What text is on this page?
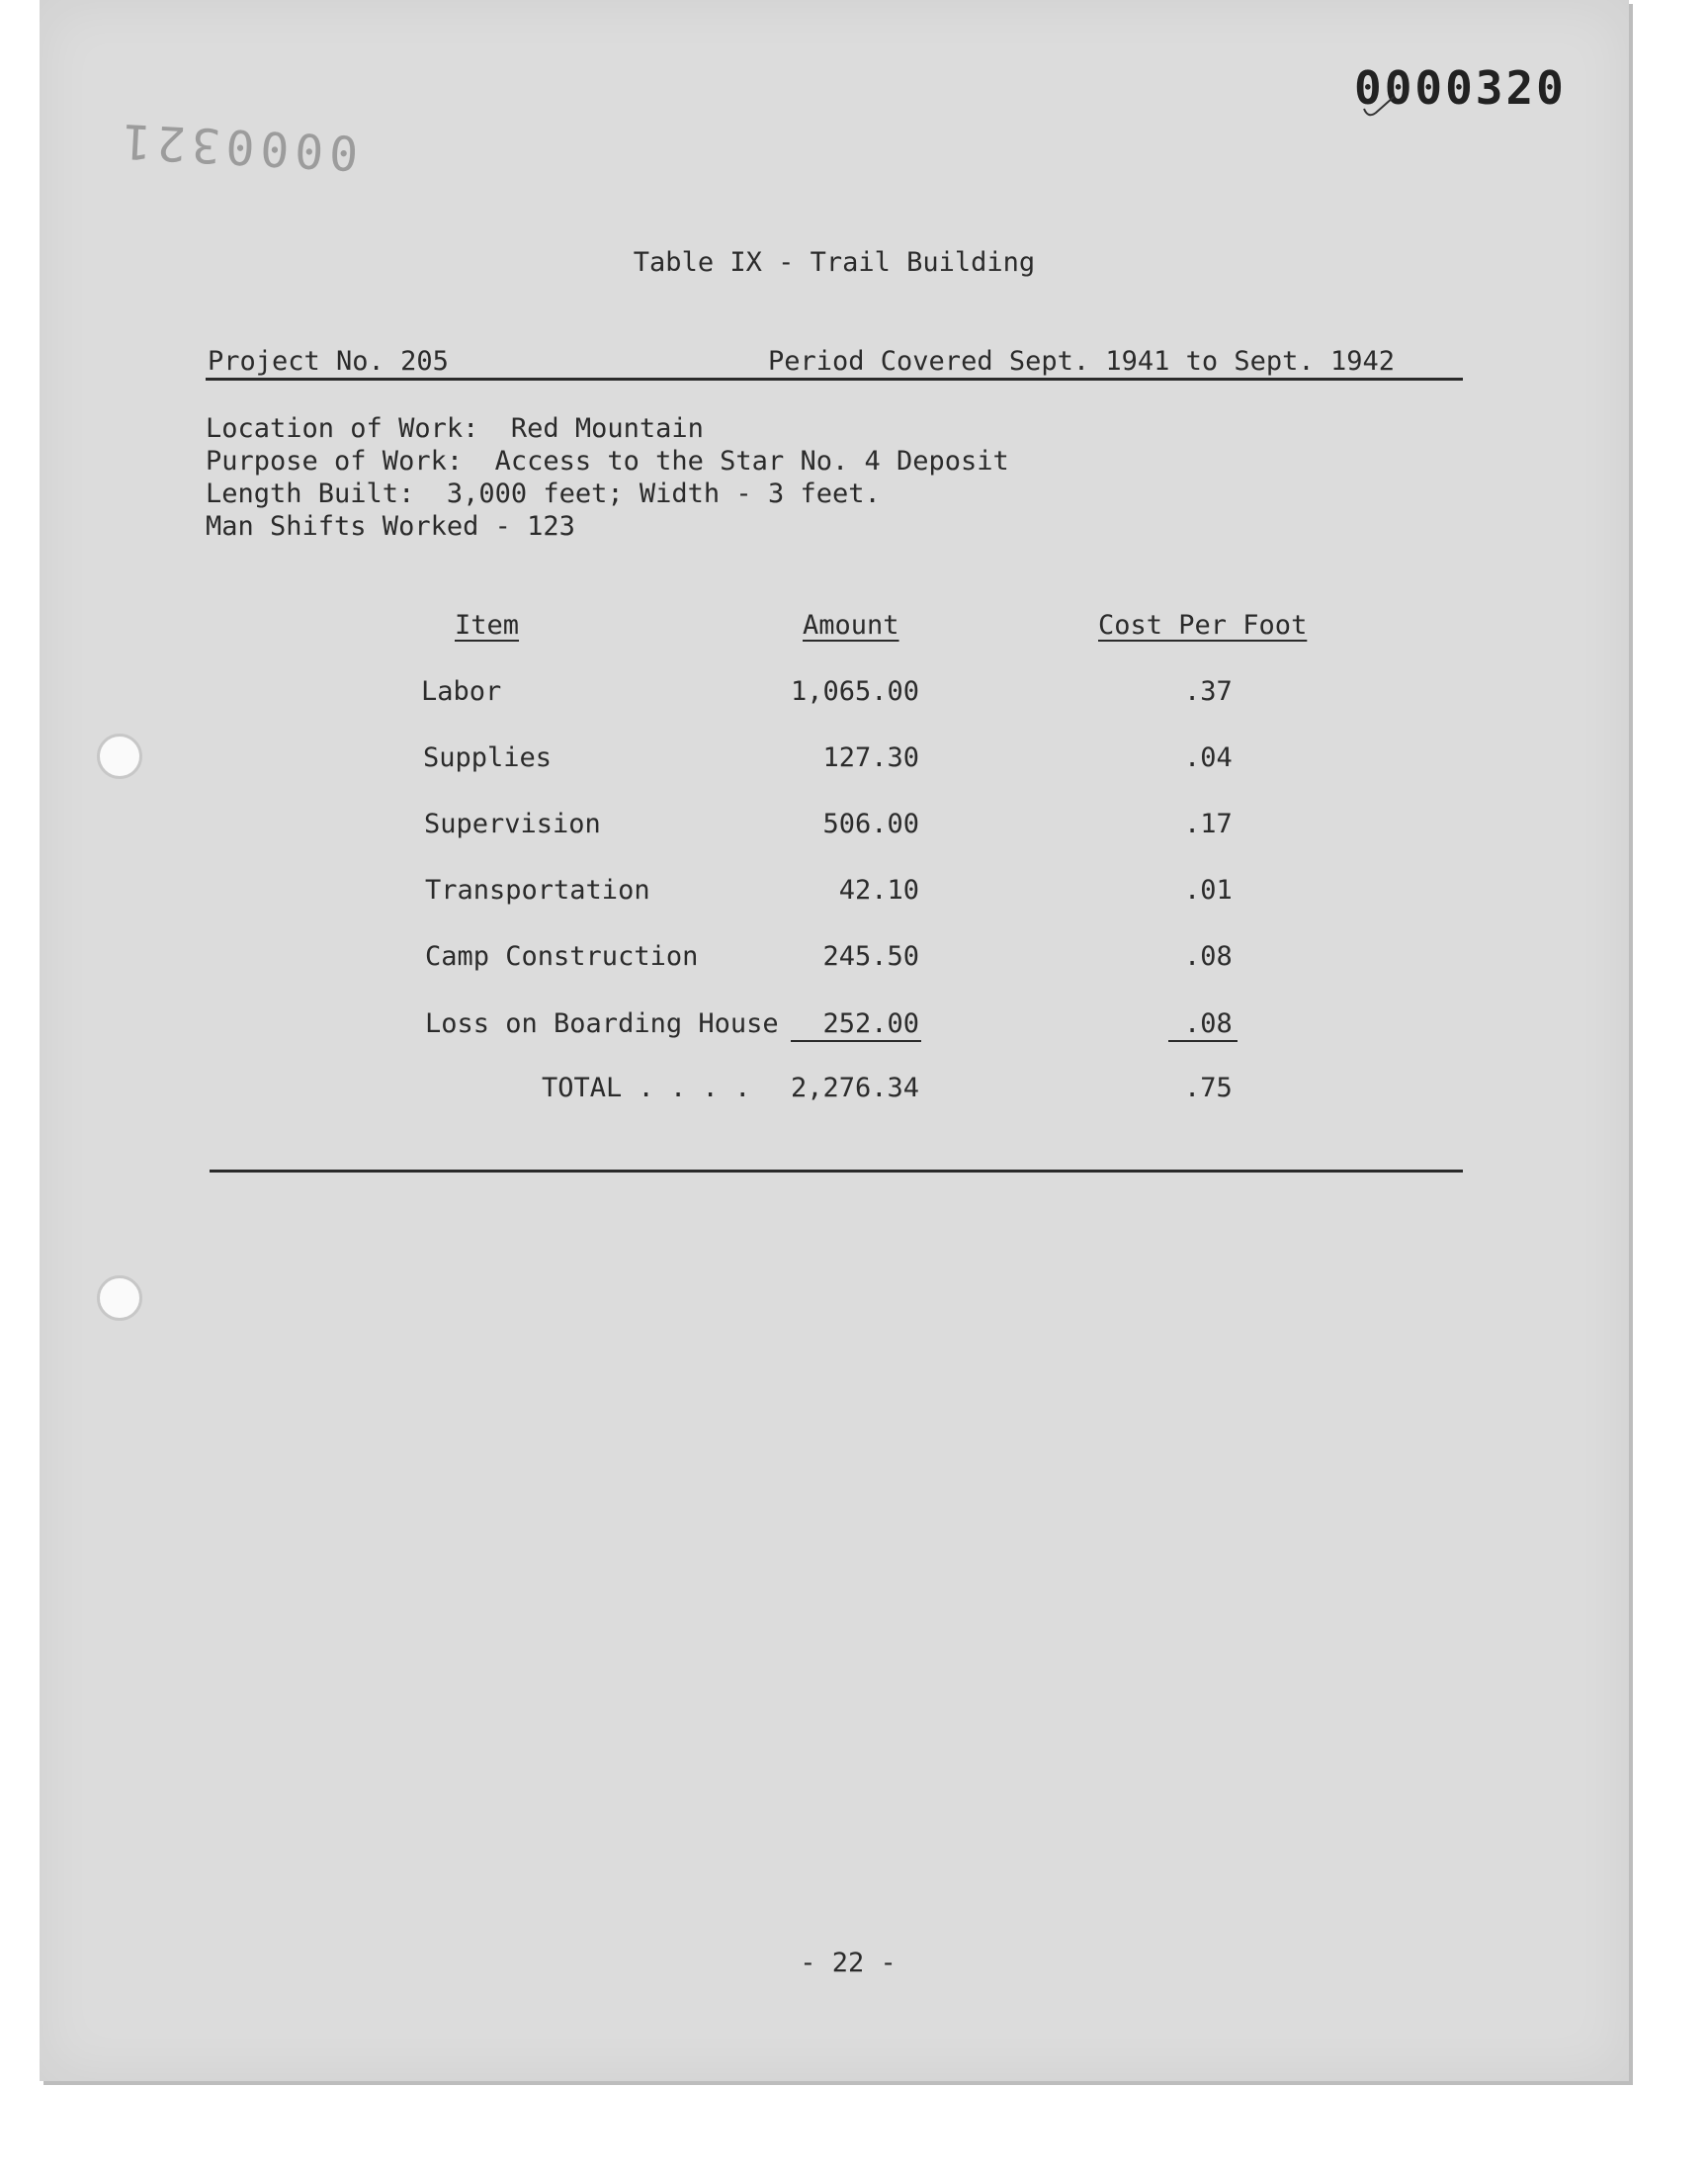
0000320
0000321
Table IX - Trail Building
Project No. 205	Period Covered Sept. 1941 to Sept. 1942
Location of Work:  Red Mountain
Purpose of Work:  Access to the Star No. 4 Deposit
Length Built:  3,000 feet; Width - 3 feet.
Man Shifts Worked - 123
Item	Amount	Cost Per Foot
Labor	1,065.00	.37
Supplies	127.30	.04
Supervision	506.00	.17
Transportation	42.10	.01
Camp Construction	245.50	.08
Loss on Boarding House	252.00	.08
TOTAL . . . .	2,276.34	.75
- 22 -
